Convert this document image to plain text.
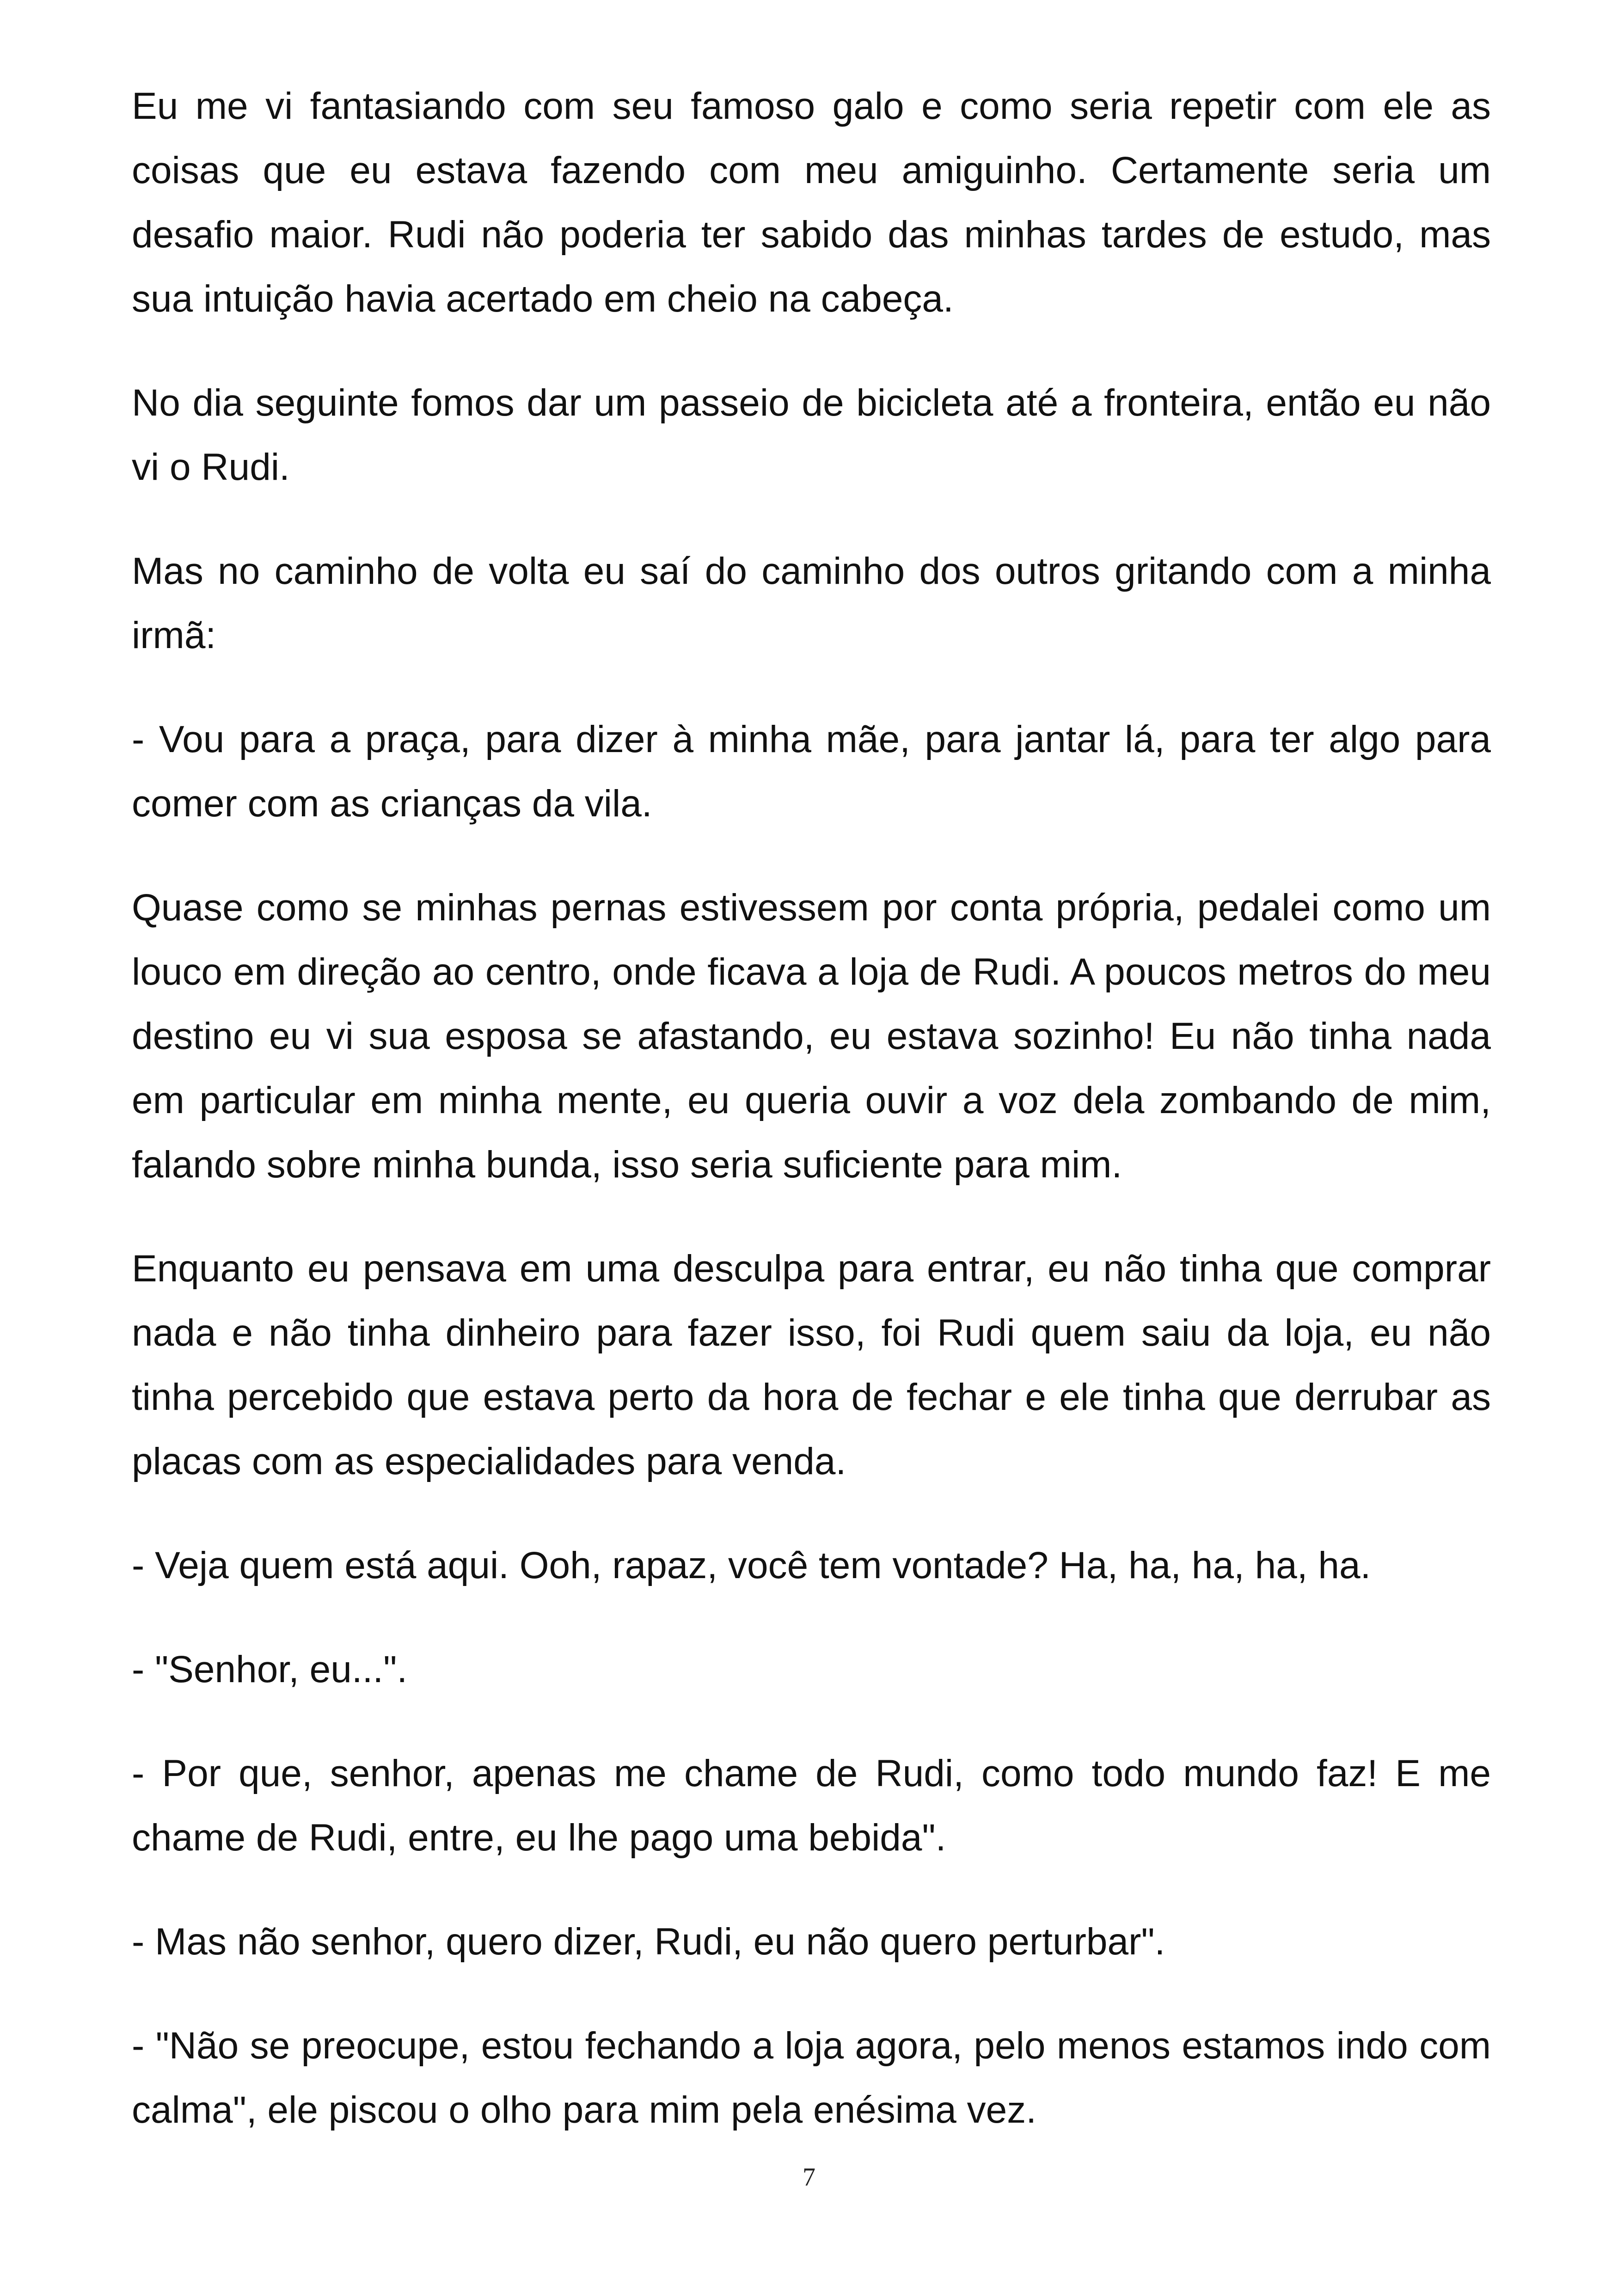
Eu me vi fantasiando com seu famoso galo e como seria repetir com ele as coisas que eu estava fazendo com meu amiguinho. Certamente seria um desafio maior. Rudi não poderia ter sabido das minhas tardes de estudo, mas sua intuição havia acertado em cheio na cabeça.

No dia seguinte fomos dar um passeio de bicicleta até a fronteira, então eu não vi o Rudi.

Mas no caminho de volta eu saí do caminho dos outros gritando com a minha irmã:

- Vou para a praça, para dizer à minha mãe, para jantar lá, para ter algo para comer com as crianças da vila.

Quase como se minhas pernas estivessem por conta própria, pedalei como um louco em direção ao centro, onde ficava a loja de Rudi. A poucos metros do meu destino eu vi sua esposa se afastando, eu estava sozinho! Eu não tinha nada em particular em minha mente, eu queria ouvir a voz dela zombando de mim, falando sobre minha bunda, isso seria suficiente para mim.

Enquanto eu pensava em uma desculpa para entrar, eu não tinha que comprar nada e não tinha dinheiro para fazer isso, foi Rudi quem saiu da loja, eu não tinha percebido que estava perto da hora de fechar e ele tinha que derrubar as placas com as especialidades para venda.

- Veja quem está aqui. Ooh, rapaz, você tem vontade? Ha, ha, ha, ha, ha.

- "Senhor, eu...".

- Por que, senhor, apenas me chame de Rudi, como todo mundo faz! E me chame de Rudi, entre, eu lhe pago uma bebida".

- Mas não senhor, quero dizer, Rudi, eu não quero perturbar".

- "Não se preocupe, estou fechando a loja agora, pelo menos estamos indo com calma", ele piscou o olho para mim pela enésima vez.

7
